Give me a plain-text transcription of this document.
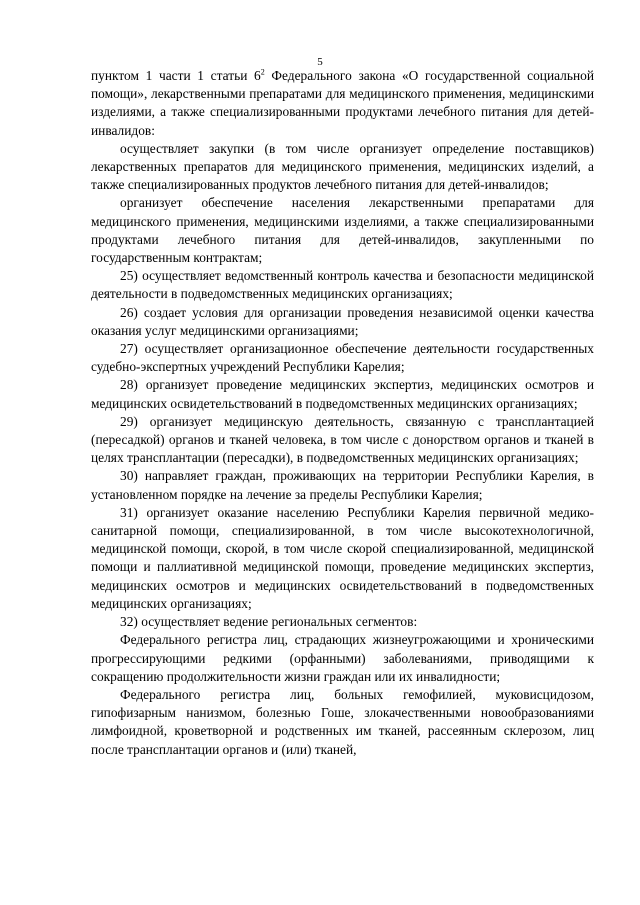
5

пунктом 1 части 1 статьи $6^2$ Федерального закона «О государственной социальной помощи», лекарственными препаратами для медицинского применения, медицинскими изделиями, а также специализированными продуктами лечебного питания для детей-инвалидов:

осуществляет закупки (в том числе организует определение поставщиков) лекарственных препаратов для медицинского применения, медицинских изделий, а также специализированных продуктов лечебного питания для детей-инвалидов;

организует обеспечение населения лекарственными препаратами для медицинского применения, медицинскими изделиями, а также специализированными продуктами лечебного питания для детей-инвалидов, закупленными по государственным контрактам;

25) осуществляет ведомственный контроль качества и безопасности медицинской деятельности в подведомственных медицинских организациях;

26) создает условия для организации проведения независимой оценки качества оказания услуг медицинскими организациями;

27) осуществляет организационное обеспечение деятельности государственных судебно-экспертных учреждений Республики Карелия;

28) организует проведение медицинских экспертиз, медицинских осмотров и медицинских освидетельствований в подведомственных медицинских организациях;

29) организует медицинскую деятельность, связанную с трансплантацией (пересадкой) органов и тканей человека, в том числе с донорством органов и тканей в целях трансплантации (пересадки), в подведомственных медицинских организациях;

30) направляет граждан, проживающих на территории Республики Карелия, в установленном порядке на лечение за пределы Республики Карелия;

31) организует оказание населению Республики Карелия первичной медико-санитарной помощи, специализированной, в том числе высокотехнологичной, медицинской помощи, скорой, в том числе скорой специализированной, медицинской помощи и паллиативной медицинской помощи, проведение медицинских экспертиз, медицинских осмотров и медицинских освидетельствований в подведомственных медицинских организациях;

32) осуществляет ведение региональных сегментов:

Федерального регистра лиц, страдающих жизнеугрожающими и хроническими прогрессирующими редкими (орфанными) заболеваниями, приводящими к сокращению продолжительности жизни граждан или их инвалидности;

Федерального регистра лиц, больных гемофилией, муковисцидозом, гипофизарным нанизмом, болезнью Гоше, злокачественными новообразованиями лимфоидной, кроветворной и родственных им тканей, рассеянным склерозом, лиц после трансплантации органов и (или) тканей,
